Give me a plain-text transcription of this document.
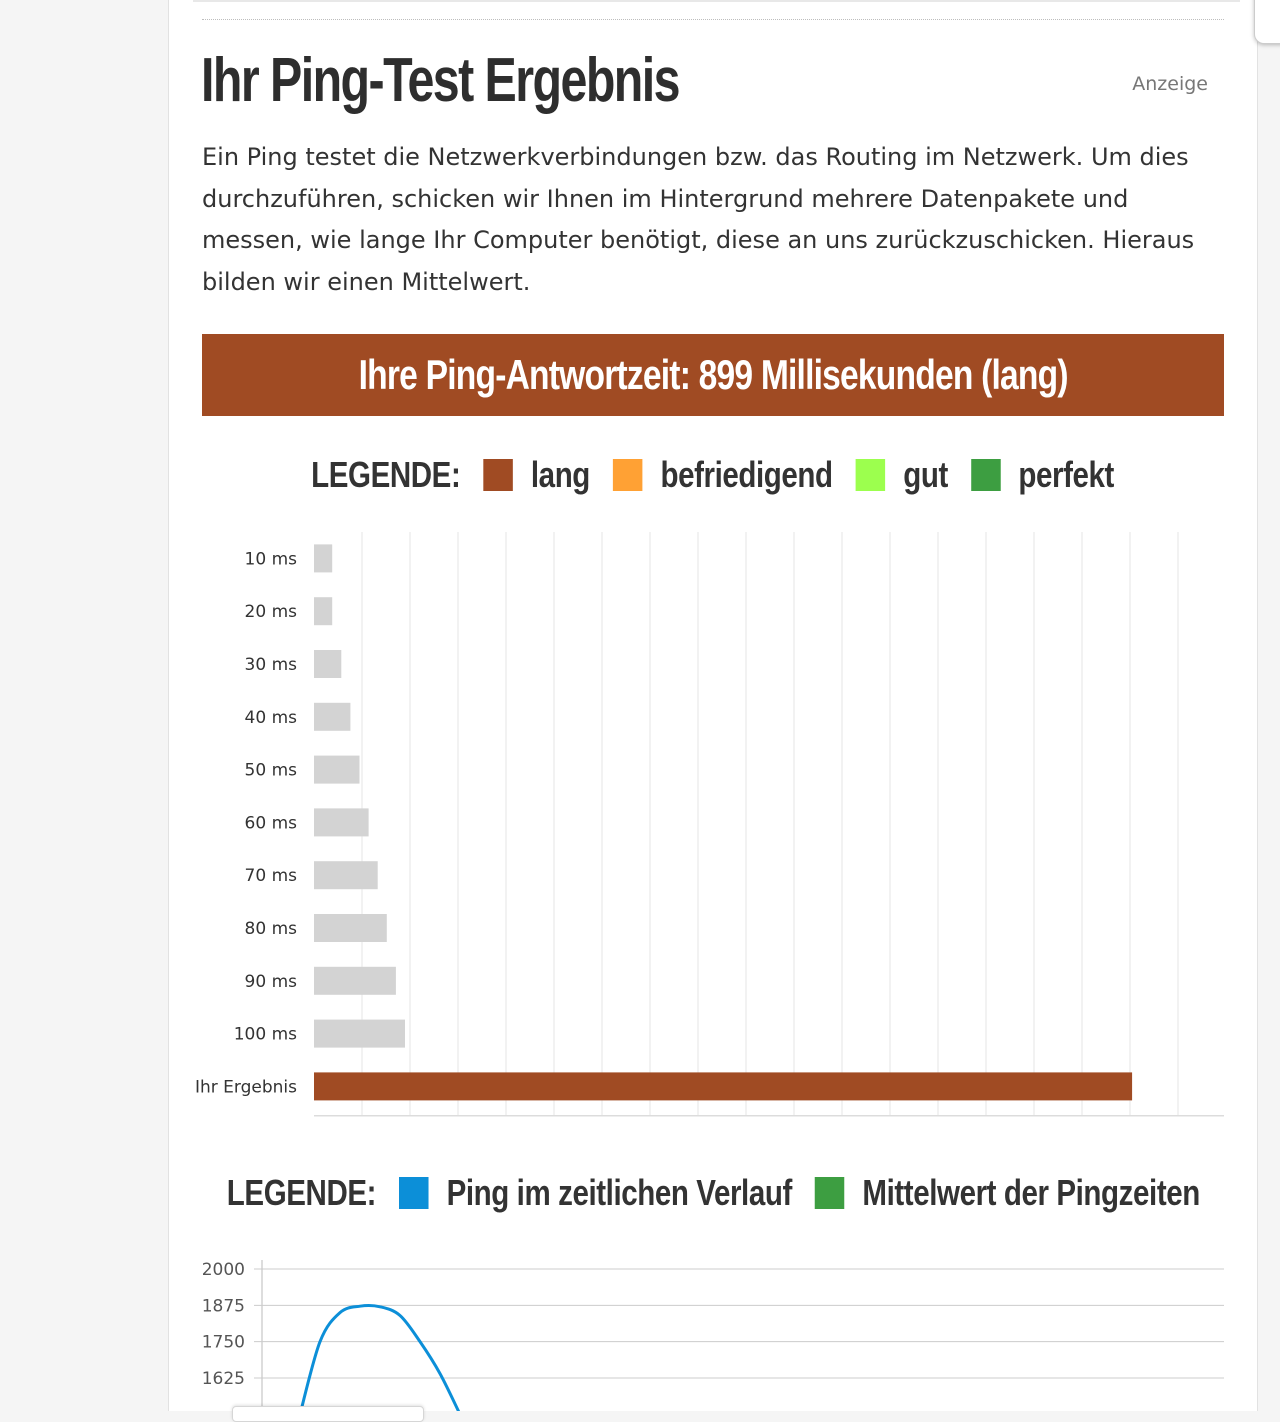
Ihr Ping-Test Ergebnis	Anzeige

Ein Ping testet die Netzwerkverbindungen bzw. das Routing im Netzwerk. Um dies durchzuführen, schicken wir Ihnen im Hintergrund mehrere Datenpakete und messen, wie lange Ihr Computer benötigt, diese an uns zurückzuschicken. Hieraus bilden wir einen Mittelwert.

Ihre Ping-Antwortzeit: 899 Millisekunden (lang)
LEGENDE: lang befriedigend gut perfekt
10 ms
20 ms
30 ms
40 ms
50 ms
60 ms
70 ms
80 ms
90 ms
100 ms
Ihr Ergebnis
LEGENDE: Ping im zeitlichen Verlauf Mittelwert der Pingzeiten
1625
1750
1875
2000
